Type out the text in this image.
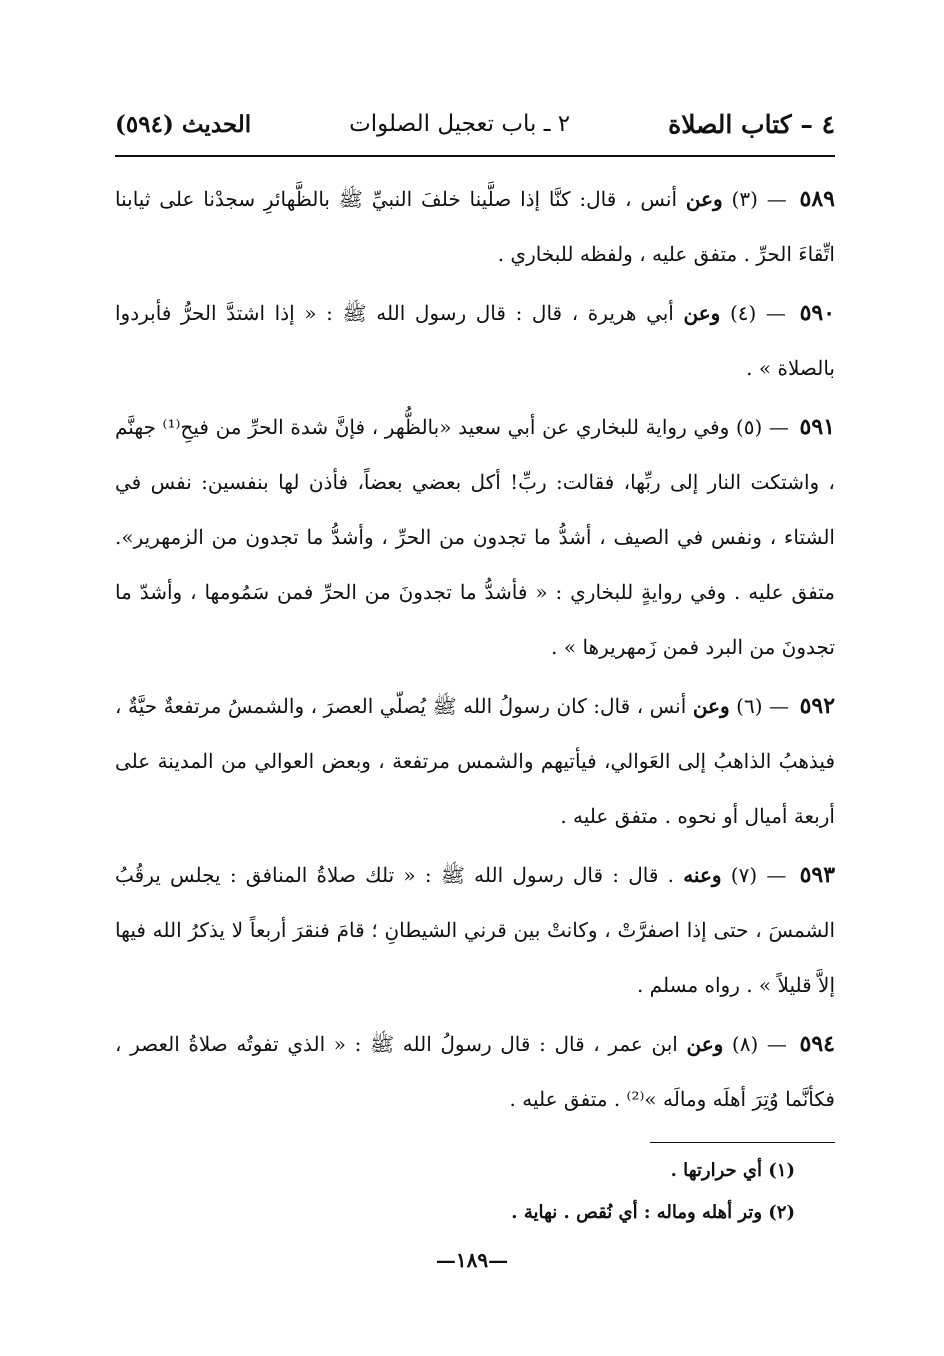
٤ – كتاب الصلاة
٢ ـ باب تعجيل الصلوات
الحديث (٥٩٤)

٥٨٩ — (٣) وعن أنس ، قال: كنَّا إذا صلَّينا خلفَ النبيِّ ﷺ بالظَّهائرِ سجدْنا على ثيابنا اتِّقاءَ الحرِّ . متفق عليه ، ولفظه للبخاري .

٥٩٠ — (٤) وعن أبي هريرة ، قال : قال رسول الله ﷺ : « إذا اشتدَّ الحرُّ فأبردوا بالصلاة » .

٥٩١ — (٥) وفي رواية للبخاري عن أبي سعيد «بالظُّهر ، فإنَّ شدة الحرِّ من فيحِ⁽¹⁾ جهنَّم ، واشتكت النار إلى ربِّها، فقالت: ربِّ! أكل بعضي بعضاً، فأذن لها بنفسين: نفس في الشتاء ، ونفس في الصيف ، أشدُّ ما تجدون من الحرِّ ، وأشدُّ ما تجدون من الزمهرير». متفق عليه . وفي روايةٍ للبخاري : « فأشدُّ ما تجدونَ من الحرِّ فمن سَمُومها ، وأشدّ ما تجدونَ من البرد فمن زَمهريرها » .

٥٩٢ — (٦) وعن أنس ، قال: كان رسولُ الله ﷺ يُصلّي العصرَ ، والشمسُ مرتفعةٌ حيَّةٌ ، فيذهبُ الذاهبُ إلى العَوالي، فيأتيهم والشمس مرتفعة ، وبعض العوالي من المدينة على أربعة أميال أو نحوه . متفق عليه .

٥٩٣ — (٧) وعنه . قال : قال رسول الله ﷺ : « تلك صلاةُ المنافق : يجلس يرقُبُ الشمسَ ، حتى إذا اصفرَّتْ ، وكانتْ بين قرني الشيطانِ ؛ قامَ فنقرَ أربعاً لا يذكرُ الله فيها إلاَّ قليلاً » . رواه مسلم .

٥٩٤ — (٨) وعن ابن عمر ، قال : قال رسولُ الله ﷺ : « الذي تفوتُه صلاةُ العصر ، فكأنَّما وُتِرَ أهلَه ومالَه »⁽²⁾ . متفق عليه .

(١) أي حرارتها .

(٢) وتر أهله وماله : أي نُقص . نهاية .

—١٨٩—
